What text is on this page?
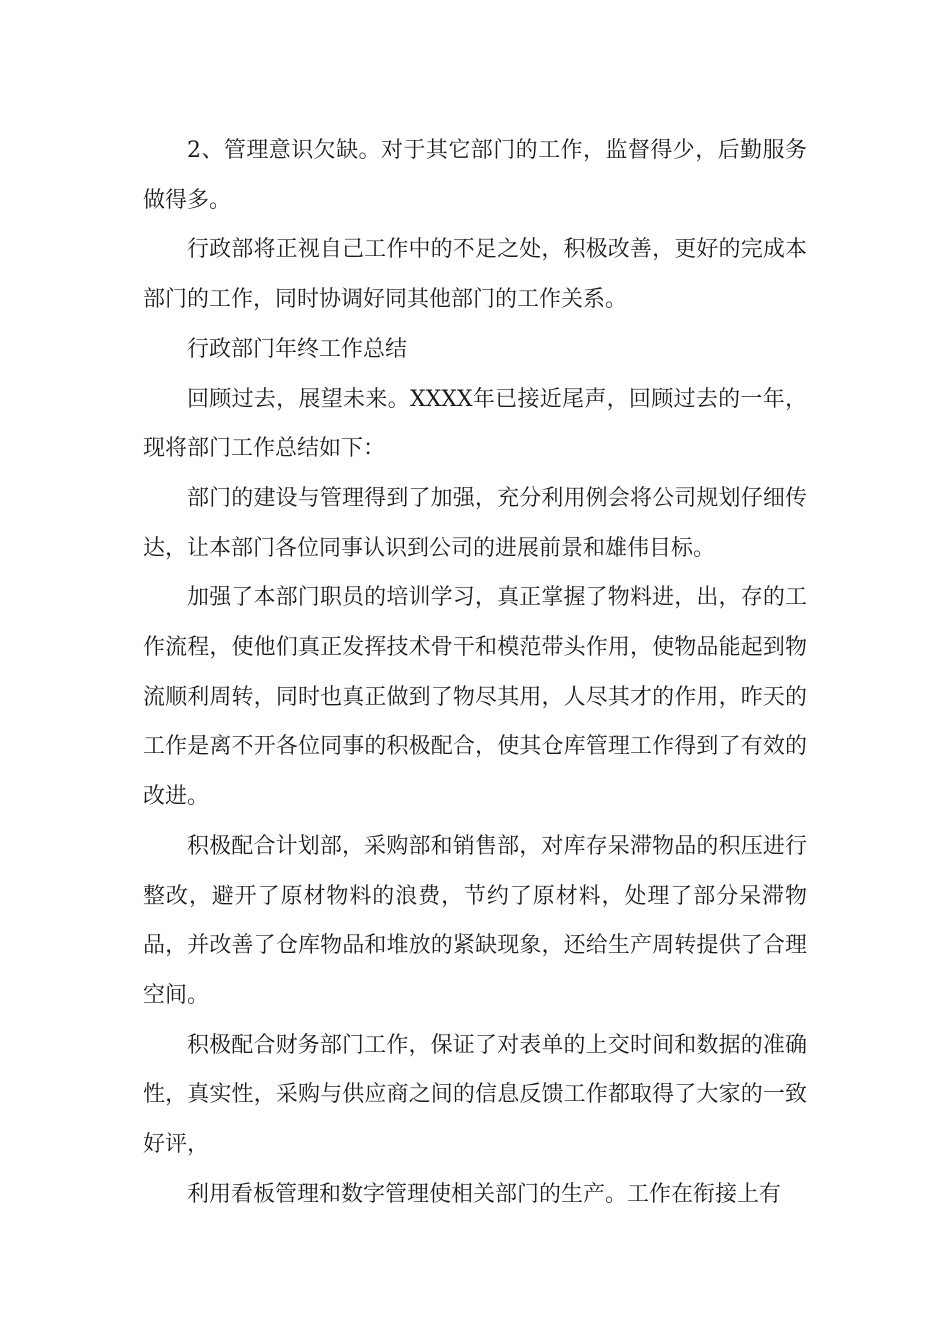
2、管理意识欠缺。对于其它部门的工作，监督得少，后勤服务做得多。

行政部将正视自己工作中的不足之处，积极改善，更好的完成本部门的工作，同时协调好同其他部门的工作关系。

行政部门年终工作总结

回顾过去，展望未来。XXXX年已接近尾声，回顾过去的一年，现将部门工作总结如下：

部门的建设与管理得到了加强，充分利用例会将公司规划仔细传达，让本部门各位同事认识到公司的进展前景和雄伟目标。

加强了本部门职员的培训学习，真正掌握了物料进，出，存的工作流程，使他们真正发挥技术骨干和模范带头作用，使物品能起到物流顺利周转，同时也真正做到了物尽其用，人尽其才的作用，昨天的工作是离不开各位同事的积极配合，使其仓库管理工作得到了有效的改进。

积极配合计划部，采购部和销售部，对库存呆滞物品的积压进行整改，避开了原材物料的浪费，节约了原材料，处理了部分呆滞物品，并改善了仓库物品和堆放的紧缺现象，还给生产周转提供了合理空间。

积极配合财务部门工作，保证了对表单的上交时间和数据的准确性，真实性，采购与供应商之间的信息反馈工作都取得了大家的一致好评，

利用看板管理和数字管理使相关部门的生产。工作在衔接上有
